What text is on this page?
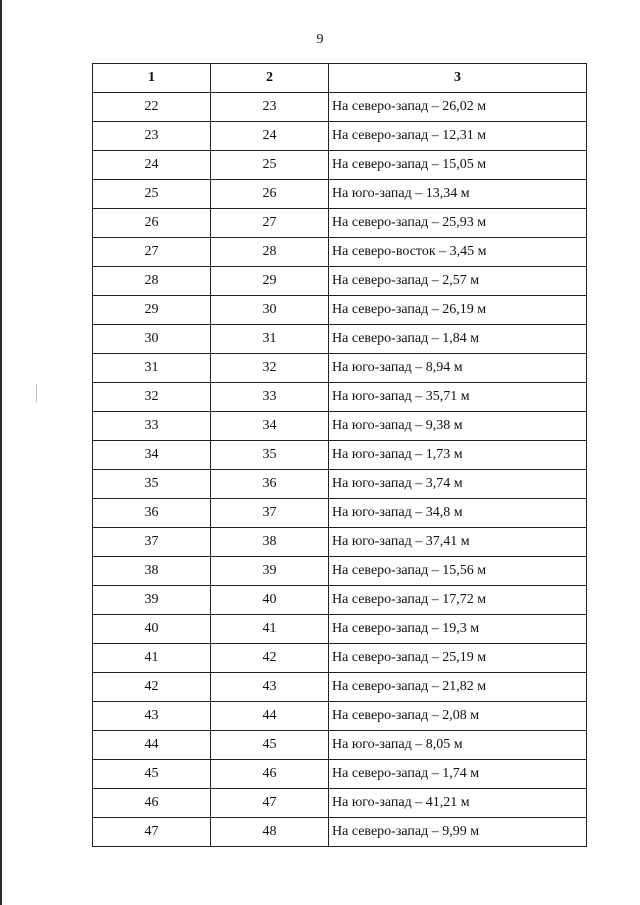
9
1	2	3
22	23	На северо-запад – 26,02 м
23	24	На северо-запад – 12,31 м
24	25	На северо-запад – 15,05 м
25	26	На юго-запад – 13,34 м
26	27	На северо-запад – 25,93 м
27	28	На северо-восток – 3,45 м
28	29	На северо-запад – 2,57 м
29	30	На северо-запад – 26,19 м
30	31	На северо-запад – 1,84 м
31	32	На юго-запад – 8,94 м
32	33	На юго-запад – 35,71 м
33	34	На юго-запад – 9,38 м
34	35	На юго-запад – 1,73 м
35	36	На юго-запад – 3,74 м
36	37	На юго-запад – 34,8 м
37	38	На юго-запад – 37,41 м
38	39	На северо-запад – 15,56 м
39	40	На северо-запад – 17,72 м
40	41	На северо-запад – 19,3 м
41	42	На северо-запад – 25,19 м
42	43	На северо-запад – 21,82 м
43	44	На северо-запад – 2,08 м
44	45	На юго-запад – 8,05 м
45	46	На северо-запад – 1,74 м
46	47	На юго-запад – 41,21 м
47	48	На северо-запад – 9,99 м
